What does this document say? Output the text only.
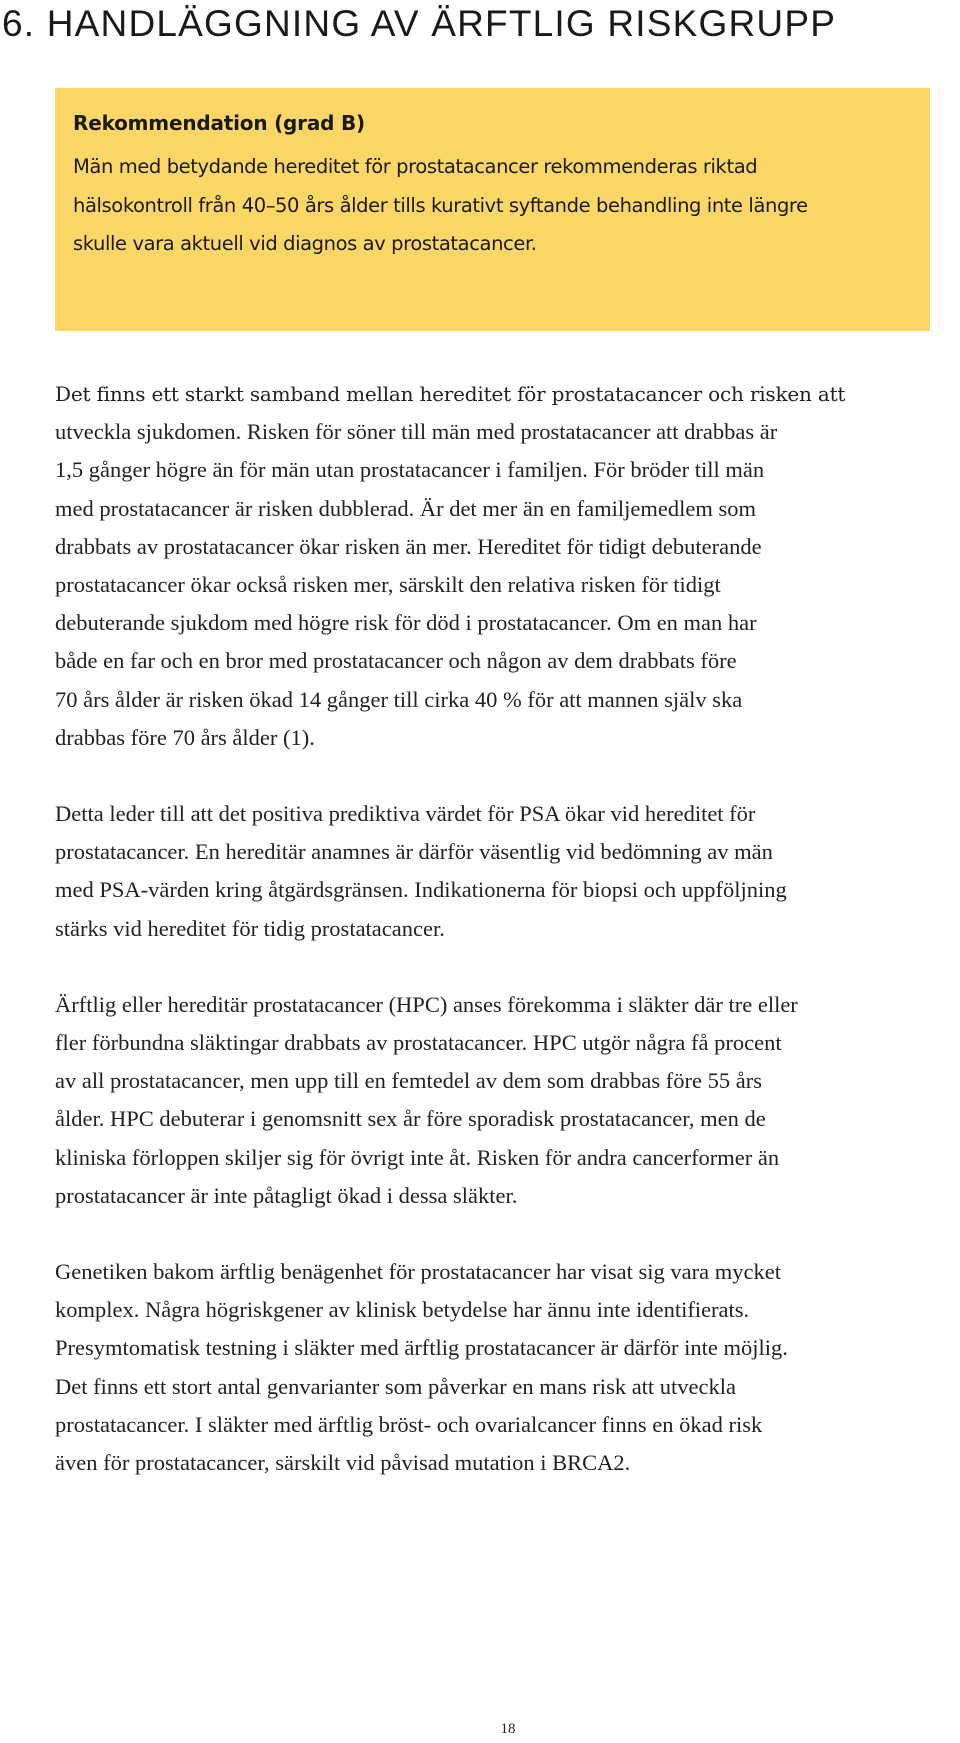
6. HANDLÄGGNING AV ÄRFTLIG RISKGRUPP
Rekommendation (grad B)
Män med betydande hereditet för prostatacancer rekommenderas riktad
hälsokontroll från 40–50 års ålder tills kurativt syftande behandling inte längre
skulle vara aktuell vid diagnos av prostatacancer.

Det finns ett starkt samband mellan hereditet för prostatacancer och risken att
utveckla sjukdomen. Risken för söner till män med prostatacancer att drabbas är
1,5 gånger högre än för män utan prostatacancer i familjen. För bröder till män
med prostatacancer är risken dubblerad. Är det mer än en familjemedlem som
drabbats av prostatacancer ökar risken än mer. Hereditet för tidigt debuterande
prostatacancer ökar också risken mer, särskilt den relativa risken för tidigt
debuterande sjukdom med högre risk för död i prostatacancer. Om en man har
både en far och en bror med prostatacancer och någon av dem drabbats före
70 års ålder är risken ökad 14 gånger till cirka 40 % för att mannen själv ska
drabbas före 70 års ålder (1).

Detta leder till att det positiva prediktiva värdet för PSA ökar vid hereditet för
prostatacancer. En hereditär anamnes är därför väsentlig vid bedömning av män
med PSA-värden kring åtgärdsgränsen. Indikationerna för biopsi och uppföljning
stärks vid hereditet för tidig prostatacancer.

Ärftlig eller hereditär prostatacancer (HPC) anses förekomma i släkter där tre eller
fler förbundna släktingar drabbats av prostatacancer. HPC utgör några få procent
av all prostatacancer, men upp till en femtedel av dem som drabbas före 55 års
ålder. HPC debuterar i genomsnitt sex år före sporadisk prostatacancer, men de
kliniska förloppen skiljer sig för övrigt inte åt. Risken för andra cancerformer än
prostatacancer är inte påtagligt ökad i dessa släkter.

Genetiken bakom ärftlig benägenhet för prostatacancer har visat sig vara mycket
komplex. Några högriskgener av klinisk betydelse har ännu inte identifierats.
Presymtomatisk testning i släkter med ärftlig prostatacancer är därför inte möjlig.
Det finns ett stort antal genvarianter som påverkar en mans risk att utveckla
prostatacancer. I släkter med ärftlig bröst- och ovarialcancer finns en ökad risk
även för prostatacancer, särskilt vid påvisad mutation i BRCA2.

18
